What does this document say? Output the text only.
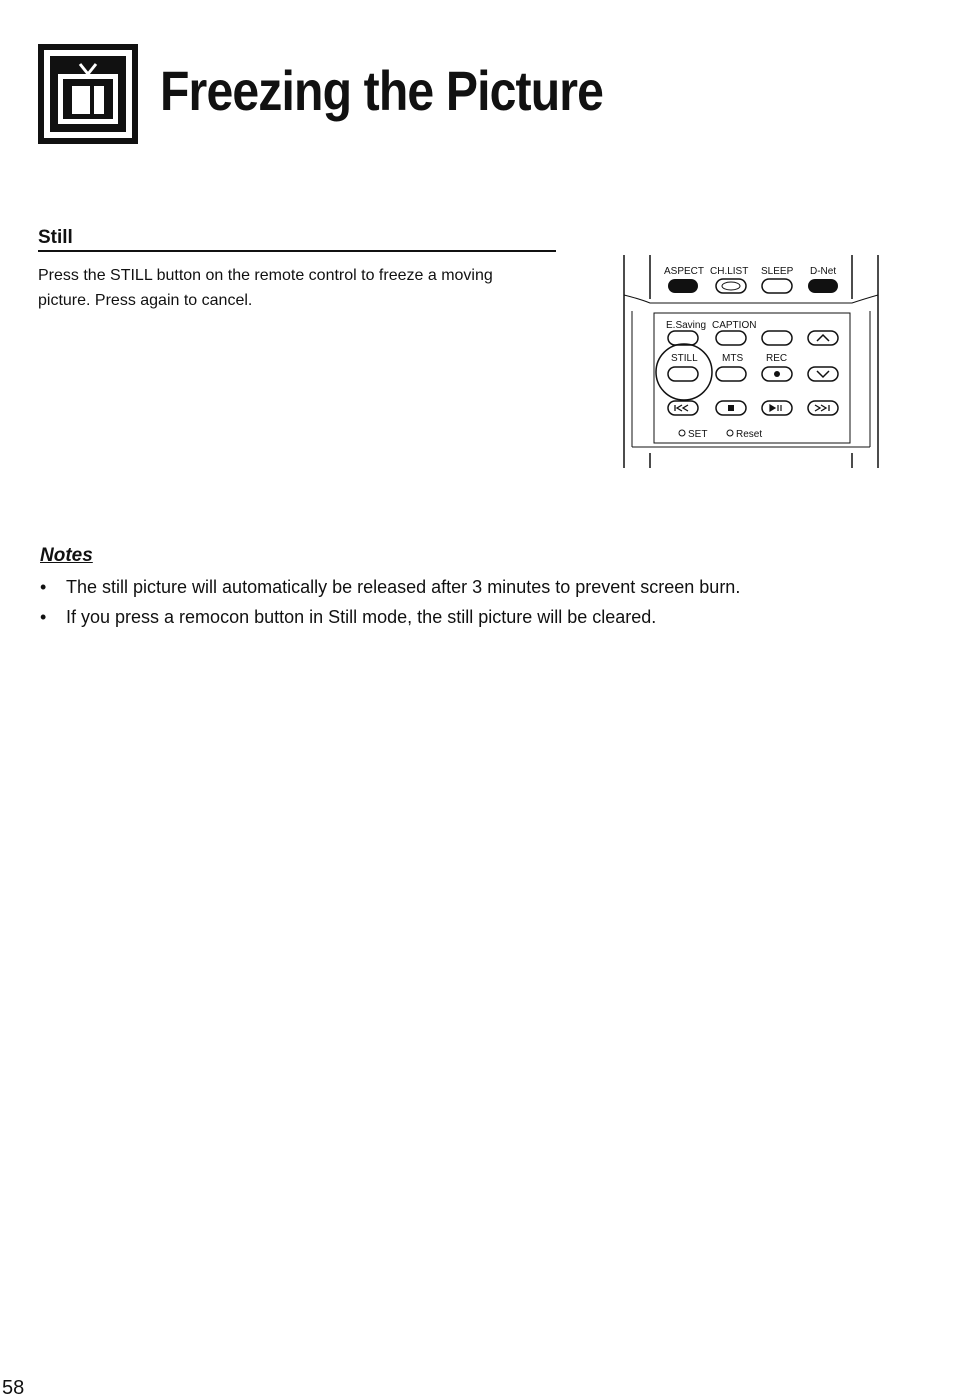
Freezing the Picture
Still

Press the STILL button on the remote control to freeze a moving picture. Press again to cancel.

ASPECT CH.LIST SLEEP D-Net
E.Saving CAPTION
STILL MTS REC
SET	Reset
Notes
• The still picture will automatically be released after 3 minutes to prevent screen burn.
• If you press a remocon button in Still mode, the still picture will be cleared.
58
